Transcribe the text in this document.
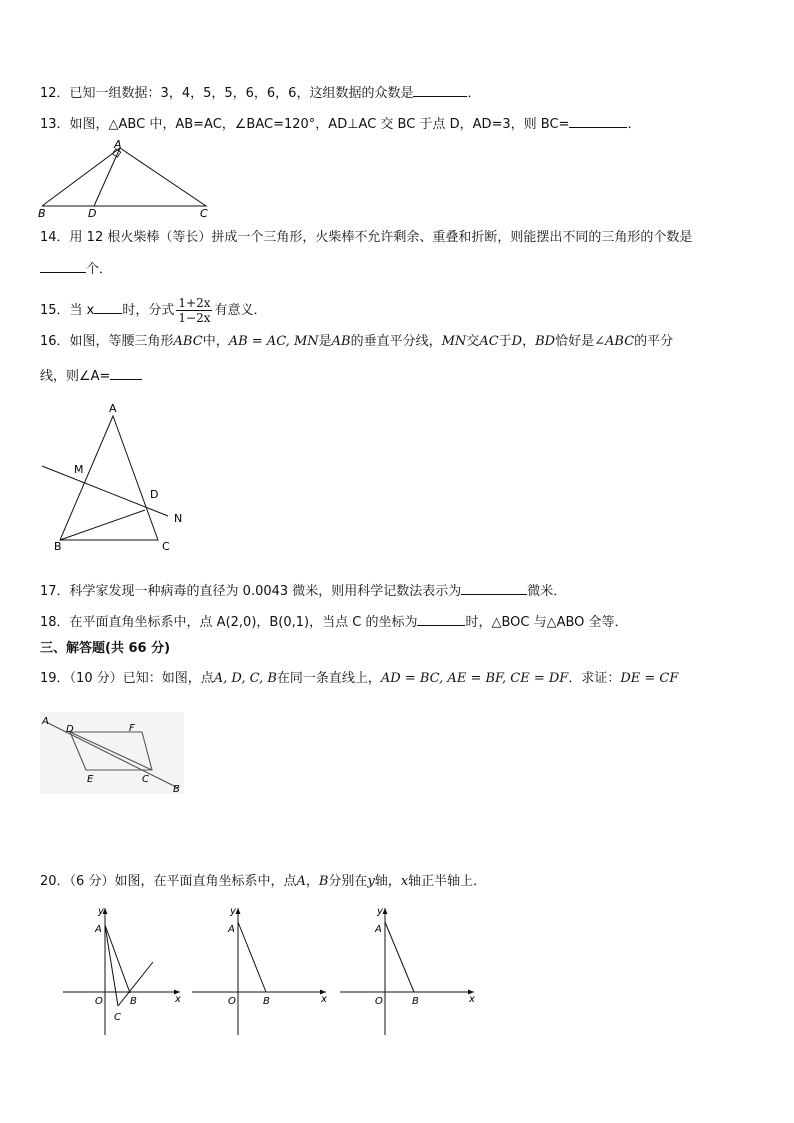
12．已知一组数据：3，4，5，5，6，6，6，这组数据的众数是	．
13．如图，△ABC 中，AB=AC，∠BAC=120°，AD⊥AC 交 BC 于点 D，AD=3，则 BC=	．
A
B	D	C
14．用 12 根火柴棒（等长）拼成一个三角形，火柴棒不允许剩余、重叠和折断，则能摆出不同的三角形的个数是
个．
15．当 x 时，分式 $\frac{1+2x}{1-2x}$ 有意义．
16．如图，等腰三角形ABC中，AB = AC, MN是AB的垂直平分线，MN交AC于D，BD恰好是∠ABC的平分
线，则∠A=
A
M
D
N
B	C
17．科学家发现一种病毒的直径为 0.0043 微米，则用科学记数法表示为	微米．
18．在平面直角坐标系中，点 A(2,0)，B(0,1)，当点 C 的坐标为	时，△BOC 与△ABO 全等．
三、解答题(共 66 分)
19．（10 分）已知：如图，点A, D, C, B在同一条直线上，AD = BC, AE = BF, CE = DF．求证：DE = CF
A
D	F
E	C
B
20．（6 分）如图，在平面直角坐标系中，点A，B分别在y轴，x轴正半轴上．
y
A
O	B
C
x
y
A
O	B	x
y
A
O	B	x
